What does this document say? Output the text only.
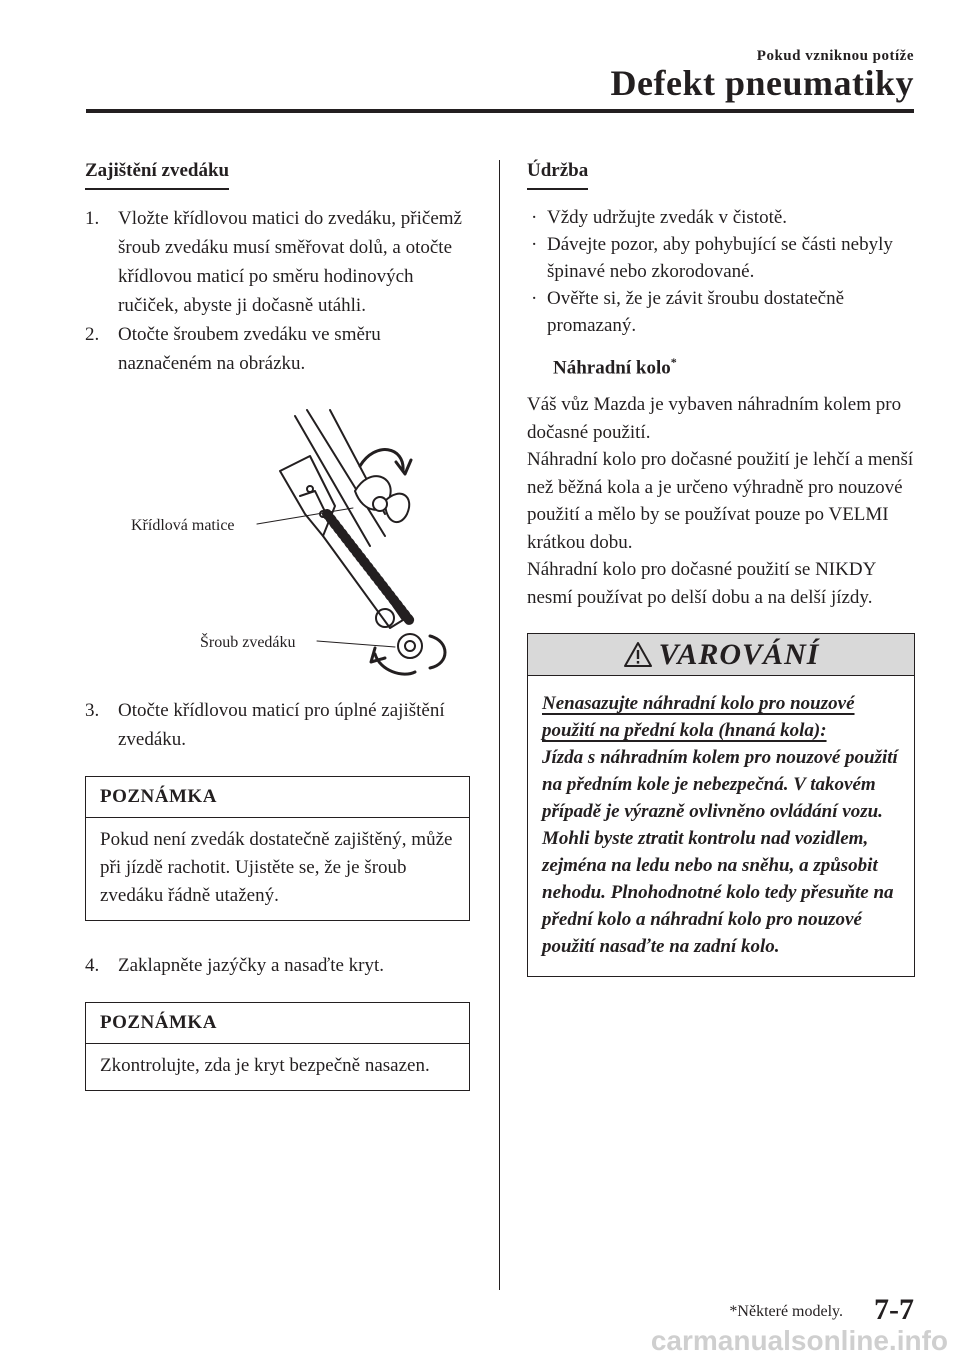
Pokud vzniknou potíže
Defekt pneumatiky
Zajištění zvedáku
1. Vložte křídlovou matici do zvedáku, přičemž šroub zvedáku musí směřovat dolů, a otočte křídlovou maticí po směru hodinových ručiček, abyste ji dočasně utáhli.
2. Otočte šroubem zvedáku ve směru naznačeném na obrázku.
Křídlová matice
Šroub zvedáku
3. Otočte křídlovou maticí pro úplné zajištění zvedáku.
POZNÁMKA
Pokud není zvedák dostatečně zajištěný, může při jízdě rachotit. Ujistěte se, že je šroub zvedáku řádně utažený.
4. Zaklapněte jazýčky a nasaďte kryt.
POZNÁMKA
Zkontrolujte, zda je kryt bezpečně nasazen.
Údržba
· Vždy udržujte zvedák v čistotě.
· Dávejte pozor, aby pohybující se části nebyly špinavé nebo zkorodované.
· Ověřte si, že je závit šroubu dostatečně promazaný.
Náhradní kolo*
Váš vůz Mazda je vybaven náhradním kolem pro dočasné použití.
Náhradní kolo pro dočasné použití je lehčí a menší než běžná kola a je určeno výhradně pro nouzové použití a mělo by se používat pouze po VELMI krátkou dobu.
Náhradní kolo pro dočasné použití se NIKDY nesmí používat po delší dobu a na delší jízdy.
VAROVÁNÍ
Nenasazujte náhradní kolo pro nouzové použití na přední kola (hnaná kola):
Jízda s náhradním kolem pro nouzové použití na předním kole je nebezpečná. V takovém případě je výrazně ovlivněno ovládání vozu. Mohli byste ztratit kontrolu nad vozidlem, zejména na ledu nebo na sněhu, a způsobit nehodu. Plnohodnotné kolo tedy přesuňte na přední kolo a náhradní kolo pro nouzové použití nasaďte na zadní kolo.
*Některé modely. 7-7
carmanualsonline.info
